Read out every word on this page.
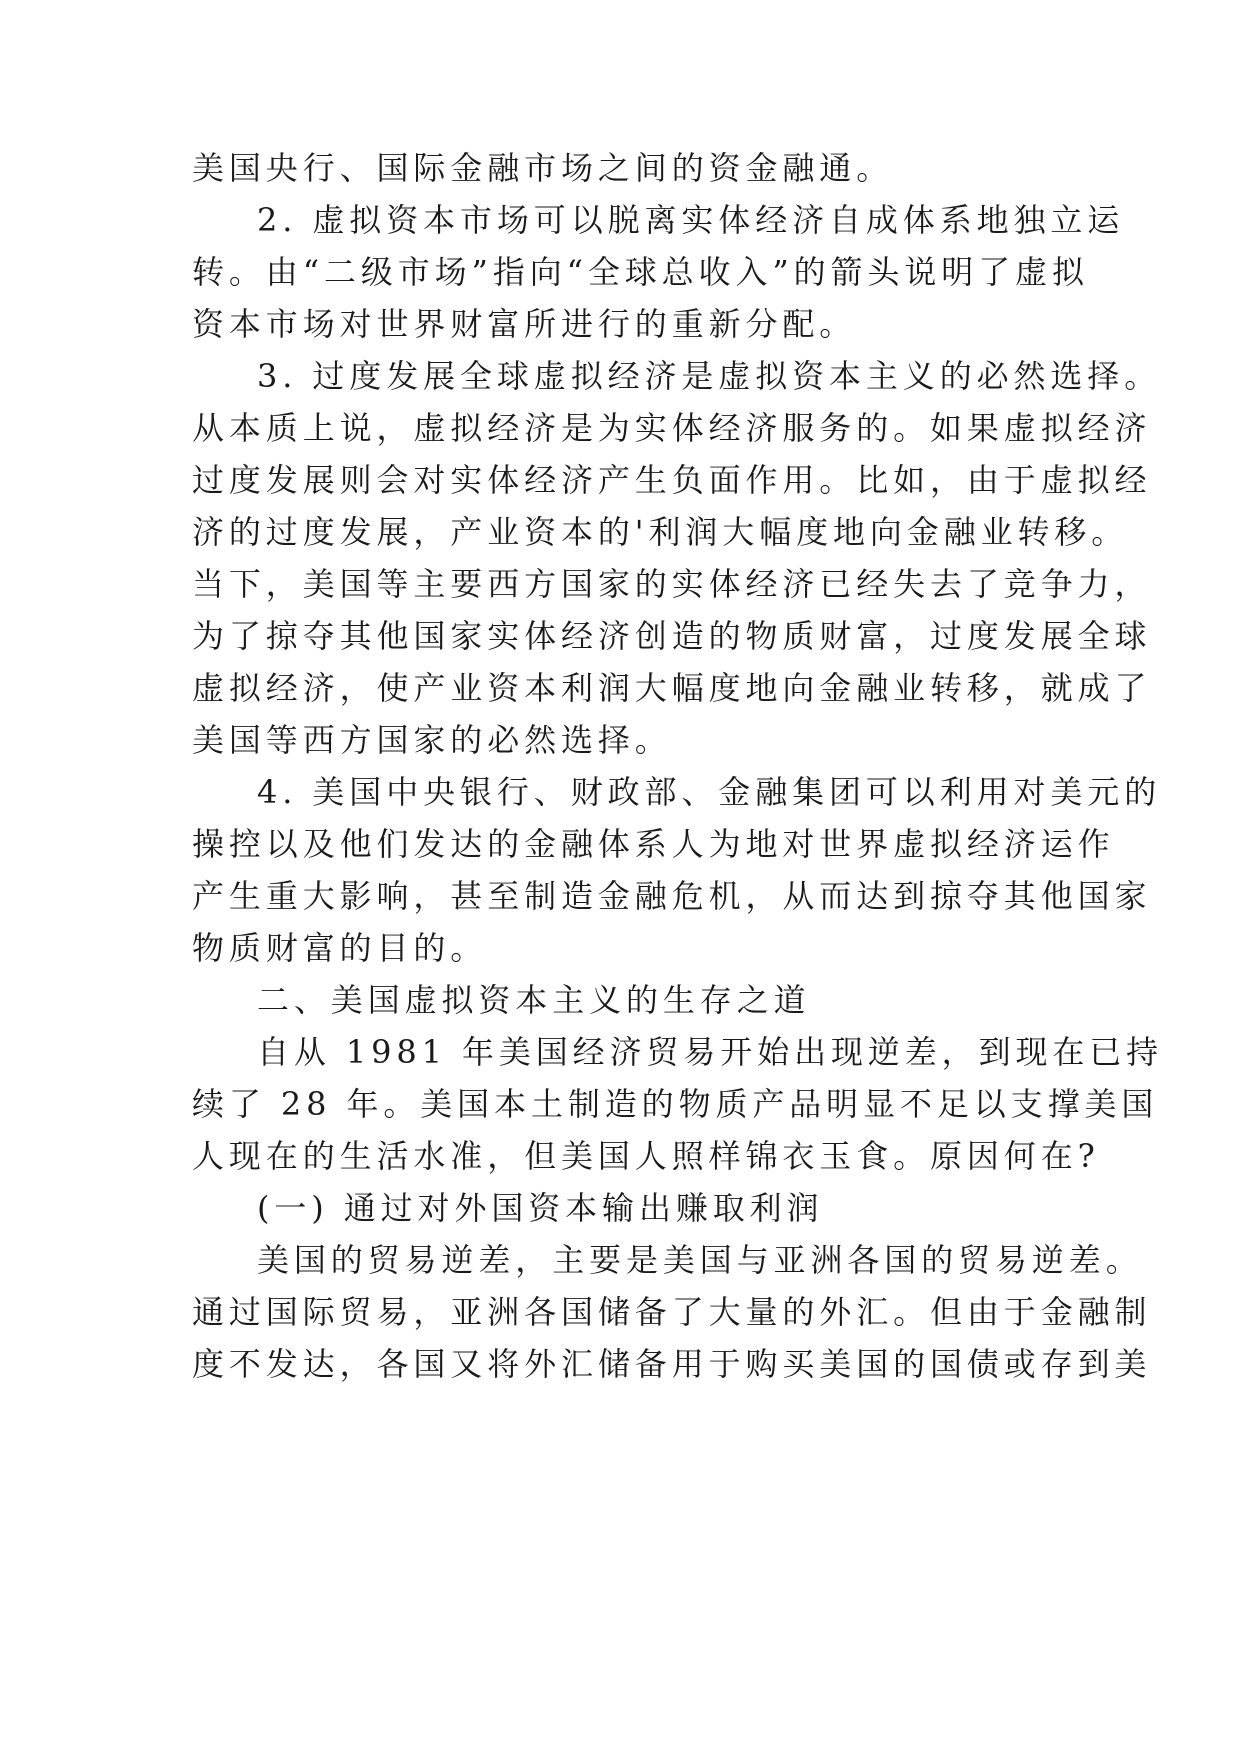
美国央行、国际金融市场之间的资金融通。

2. 虚拟资本市场可以脱离实体经济自成体系地独立运

转。由“二级市场”指向“全球总收入”的箭头说明了虚拟

资本市场对世界财富所进行的重新分配。

3. 过度发展全球虚拟经济是虚拟资本主义的必然选择。

从本质上说，虚拟经济是为实体经济服务的。如果虚拟经济

过度发展则会对实体经济产生负面作用。比如，由于虚拟经

济的过度发展，产业资本的'利润大幅度地向金融业转移。

当下，美国等主要西方国家的实体经济已经失去了竞争力，

为了掠夺其他国家实体经济创造的物质财富，过度发展全球

虚拟经济，使产业资本利润大幅度地向金融业转移，就成了

美国等西方国家的必然选择。

4. 美国中央银行、财政部、金融集团可以利用对美元的

操控以及他们发达的金融体系人为地对世界虚拟经济运作

产生重大影响，甚至制造金融危机，从而达到掠夺其他国家

物质财富的目的。

二、美国虚拟资本主义的生存之道

自从 1981 年美国经济贸易开始出现逆差，到现在已持

续了 28 年。美国本土制造的物质产品明显不足以支撑美国

人现在的生活水准，但美国人照样锦衣玉食。原因何在?

(一) 通过对外国资本输出赚取利润

美国的贸易逆差，主要是美国与亚洲各国的贸易逆差。

通过国际贸易，亚洲各国储备了大量的外汇。但由于金融制

度不发达，各国又将外汇储备用于购买美国的国债或存到美
